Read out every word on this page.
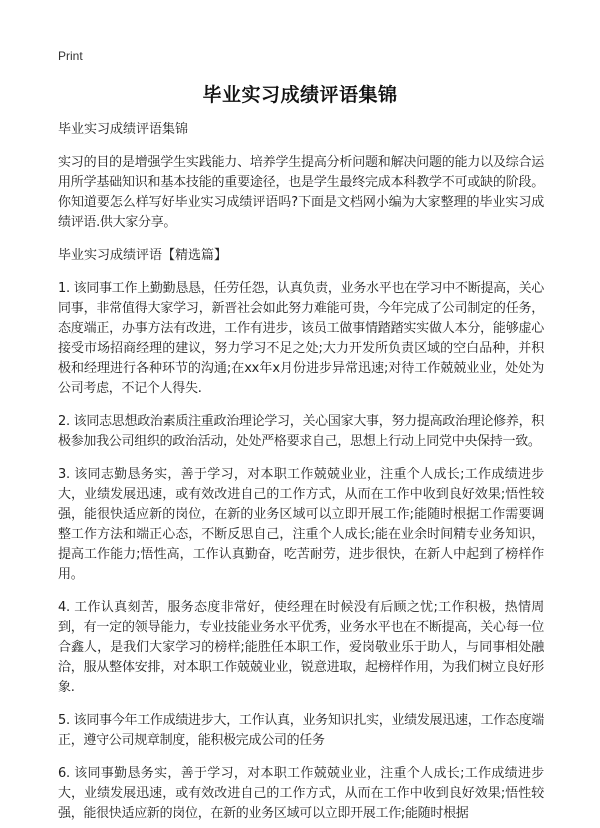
Print
毕业实习成绩评语集锦

毕业实习成绩评语集锦

实习的目的是增强学生实践能力、培养学生提高分析问题和解决问题的能力以及综合运用所学基础知识和基本技能的重要途径，也是学生最终完成本科教学不可或缺的阶段。你知道要怎么样写好毕业实习成绩评语吗?下面是文档网小编为大家整理的毕业实习成绩评语.供大家分享。

毕业实习成绩评语【精选篇】

1. 该同事工作上勤勤恳恳，任劳任怨，认真负责，业务水平也在学习中不断提高，关心同事，非常值得大家学习，新晋社会如此努力难能可贵，今年完成了公司制定的任务，态度端正，办事方法有改进，工作有进步，该员工做事情踏踏实实做人本分，能够虚心接受市场招商经理的建议，努力学习不足之处;大力开发所负责区域的空白品种，并积极和经理进行各种环节的沟通;在xx年x月份进步异常迅速;对待工作兢兢业业，处处为公司考虑，不记个人得失.

2. 该同志思想政治素质注重政治理论学习，关心国家大事，努力提高政治理论修养，积极参加我公司组织的政治活动，处处严格要求自己，思想上行动上同党中央保持一致。

3. 该同志勤恳务实，善于学习，对本职工作兢兢业业，注重个人成长;工作成绩进步大，业绩发展迅速，或有效改进自己的工作方式，从而在工作中收到良好效果;悟性较强，能很快适应新的岗位，在新的业务区域可以立即开展工作;能随时根据工作需要调整工作方法和端正心态，不断反思自己，注重个人成长;能在业余时间精专业务知识，提高工作能力;悟性高，工作认真勤奋，吃苦耐劳，进步很快，在新人中起到了榜样作用。

4. 工作认真刻苦，服务态度非常好，使经理在时候没有后顾之忧;工作积极，热情周到，有一定的领导能力，专业技能业务水平优秀，业务水平也在不断提高，关心每一位合鑫人，是我们大家学习的榜样;能胜任本职工作，爱岗敬业乐于助人，与同事相处融洽，服从整体安排，对本职工作兢兢业业，锐意进取，起榜样作用，为我们树立良好形象.

5. 该同事今年工作成绩进步大，工作认真，业务知识扎实，业绩发展迅速，工作态度端正，遵守公司规章制度，能积极完成公司的任务

6. 该同事勤恳务实，善于学习，对本职工作兢兢业业，注重个人成长;工作成绩进步大，业绩发展迅速，或有效改进自己的工作方式，从而在工作中收到良好效果;悟性较强，能很快适应新的岗位，在新的业务区域可以立即开展工作;能随时根据
